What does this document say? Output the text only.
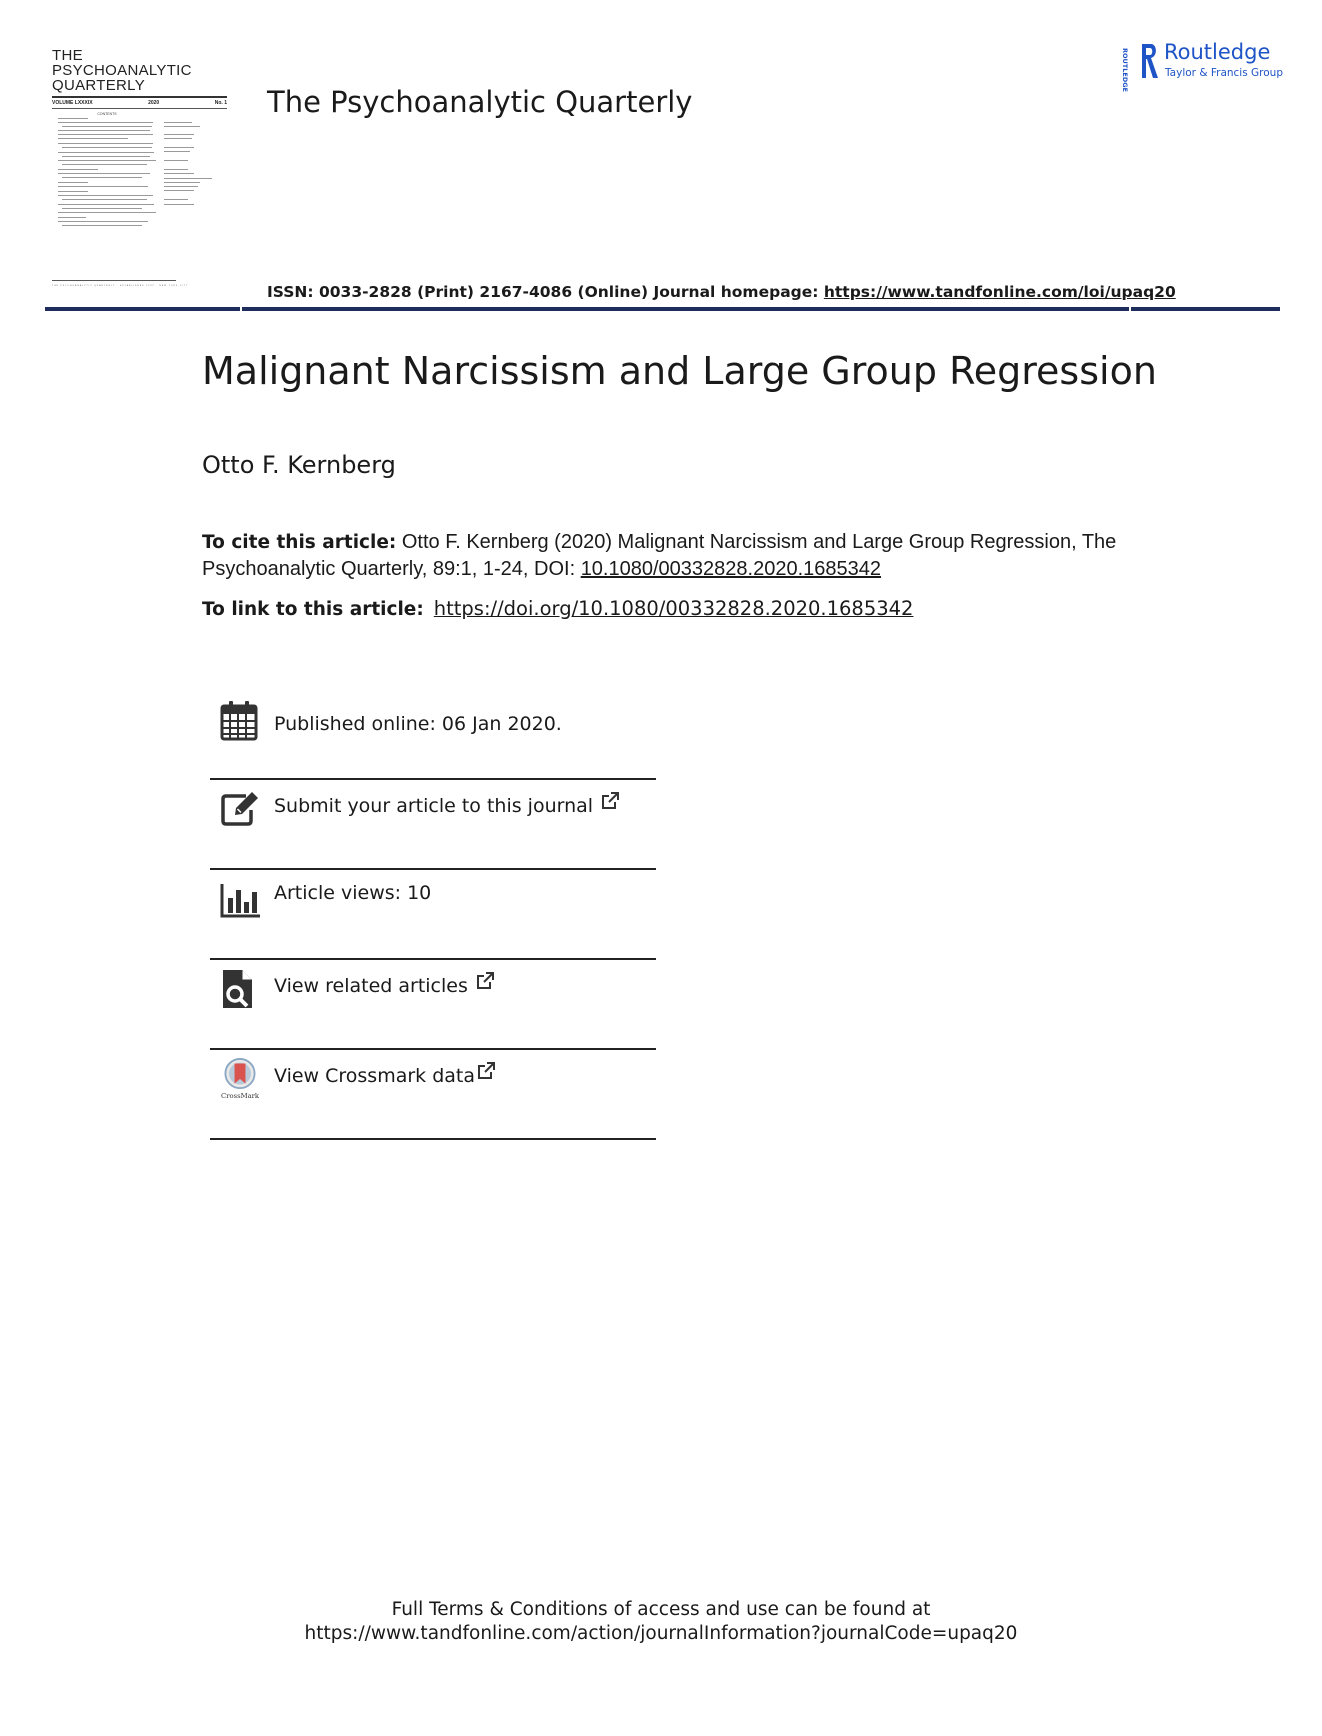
THE
PSYCHOANALYTIC
QUARTERLY
VOLUME LXXXIX	2020	No. 1
CONTENTS
THE PSYCHOANALYTIC QUARTERLY · ESTABLISHED 1932 · NEW YORK CITY
The Psychoanalytic Quarterly
ROUTLEDGE Routledge
Taylor & Francis Group
ISSN: 0033-2828 (Print) 2167-4086 (Online) Journal homepage: https://www.tandfonline.com/loi/upaq20
Malignant Narcissism and Large Group Regression
Otto F. Kernberg
To cite this article: Otto F. Kernberg (2020) Malignant Narcissism and Large Group Regression, The Psychoanalytic Quarterly, 89:1, 1-24, DOI: 10.1080/00332828.2020.1685342
To link to this article: https://doi.org/10.1080/00332828.2020.1685342
Published online: 06 Jan 2020.
Submit your article to this journal
Article views: 10
View related articles
CrossMark
View Crossmark data
Full Terms & Conditions of access and use can be found at
https://www.tandfonline.com/action/journalInformation?journalCode=upaq20
